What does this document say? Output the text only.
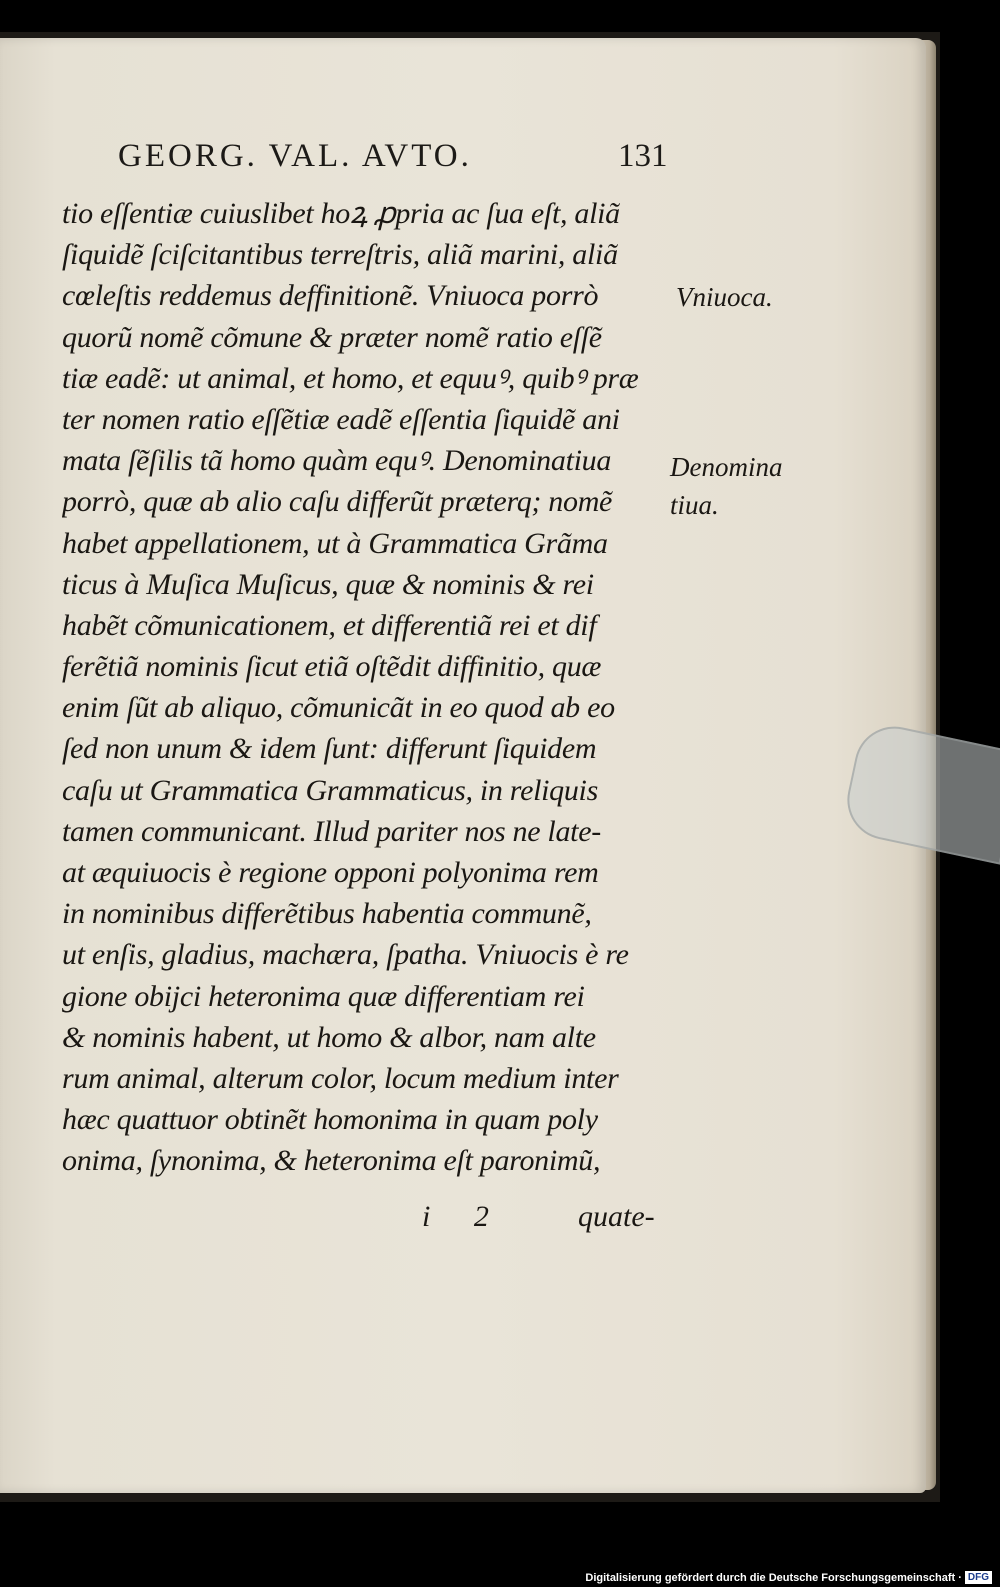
GEORG. VAL. AVTO.	131
tio eſſentiæ cuiuslibet hoꝝ ꝓpria ac ſua eſt, aliã
ſiquidẽ ſciſcitantibus terreſtris, aliã marini, aliã
cœleſtis reddemus deffinitionẽ. Vniuoca porrò
quorũ nomẽ cõmune & præter nomẽ ratio eſſẽ
tiæ eadẽ: ut animal, et homo, et equuꝰ, quibꝰ præ
ter nomen ratio eſſẽtiæ eadẽ eſſentia ſiquidẽ ani
mata ſẽſilis tã homo quàm equꝰ. Denominatiua
porrò, quæ ab alio caſu differũt præterq; nomẽ
habet appellationem, ut à Grammatica Grãma
ticus à Muſica Muſicus, quæ & nominis & rei
habẽt cõmunicationem, et differentiã rei et dif
ferẽtiã nominis ſicut etiã oſtẽdit diffinitio, quæ
enim ſũt ab aliquo, cõmunicãt in eo quod ab eo
ſed non unum & idem ſunt: differunt ſiquidem
caſu ut Grammatica Grammaticus, in reliquis
tamen communicant. Illud pariter nos ne late-
at æquiuocis è regione opponi polyonima rem
in nominibus differẽtibus habentia communẽ,
ut enſis, gladius, machæra, ſpatha. Vniuocis è re
gione obijci heteronima quæ differentiam rei
& nominis habent, ut homo & albor, nam alte
rum animal, alterum color, locum medium inter
hæc quattuor obtinẽt homonima in quam poly
onima, ſynonima, & heteronima eſt paronimũ,
Vniuoca.
Denomina
tiua.
i 2 quate-
Digitalisierung gefördert durch die Deutsche Forschungsgemeinschaft · DFG
